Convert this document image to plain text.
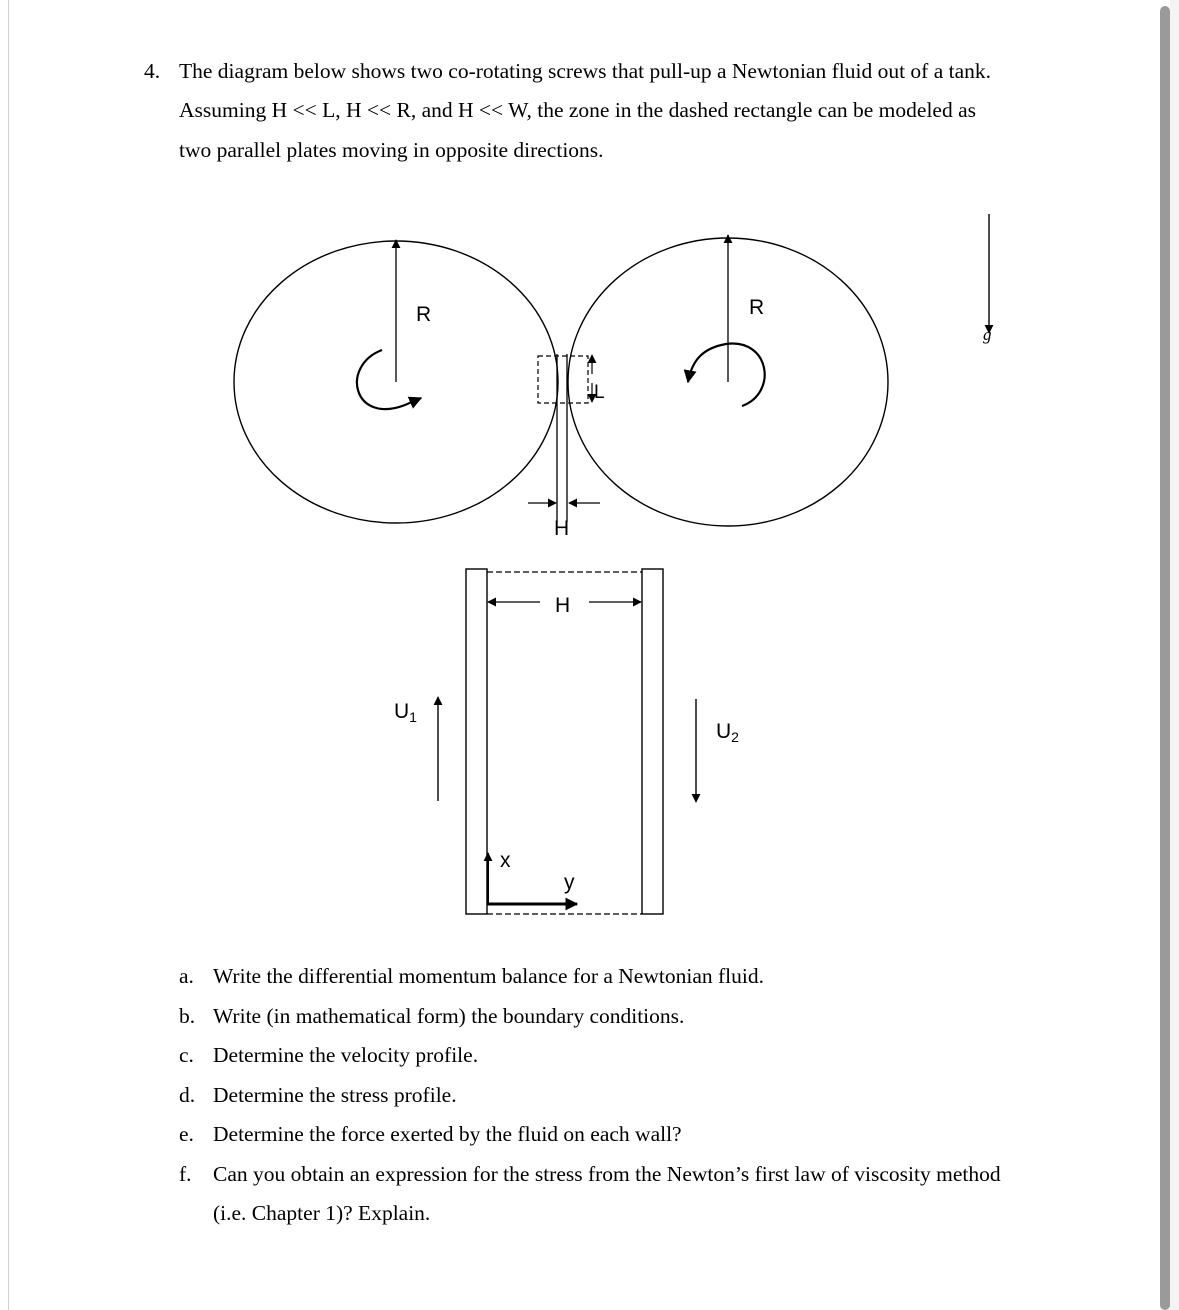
4. The diagram below shows two co-rotating screws that pull-up a Newtonian fluid out of a tank.
Assuming H << L, H << R, and H << W, the zone in the dashed rectangle can be modeled as
two parallel plates moving in opposite directions.
R	R
L
H
g
H
U1
U2
x
y
a. Write the differential momentum balance for a Newtonian fluid.
b. Write (in mathematical form) the boundary conditions.
c. Determine the velocity profile.
d. Determine the stress profile.
e. Determine the force exerted by the fluid on each wall?
f. Can you obtain an expression for the stress from the Newton’s first law of viscosity method
(i.e. Chapter 1)? Explain.
